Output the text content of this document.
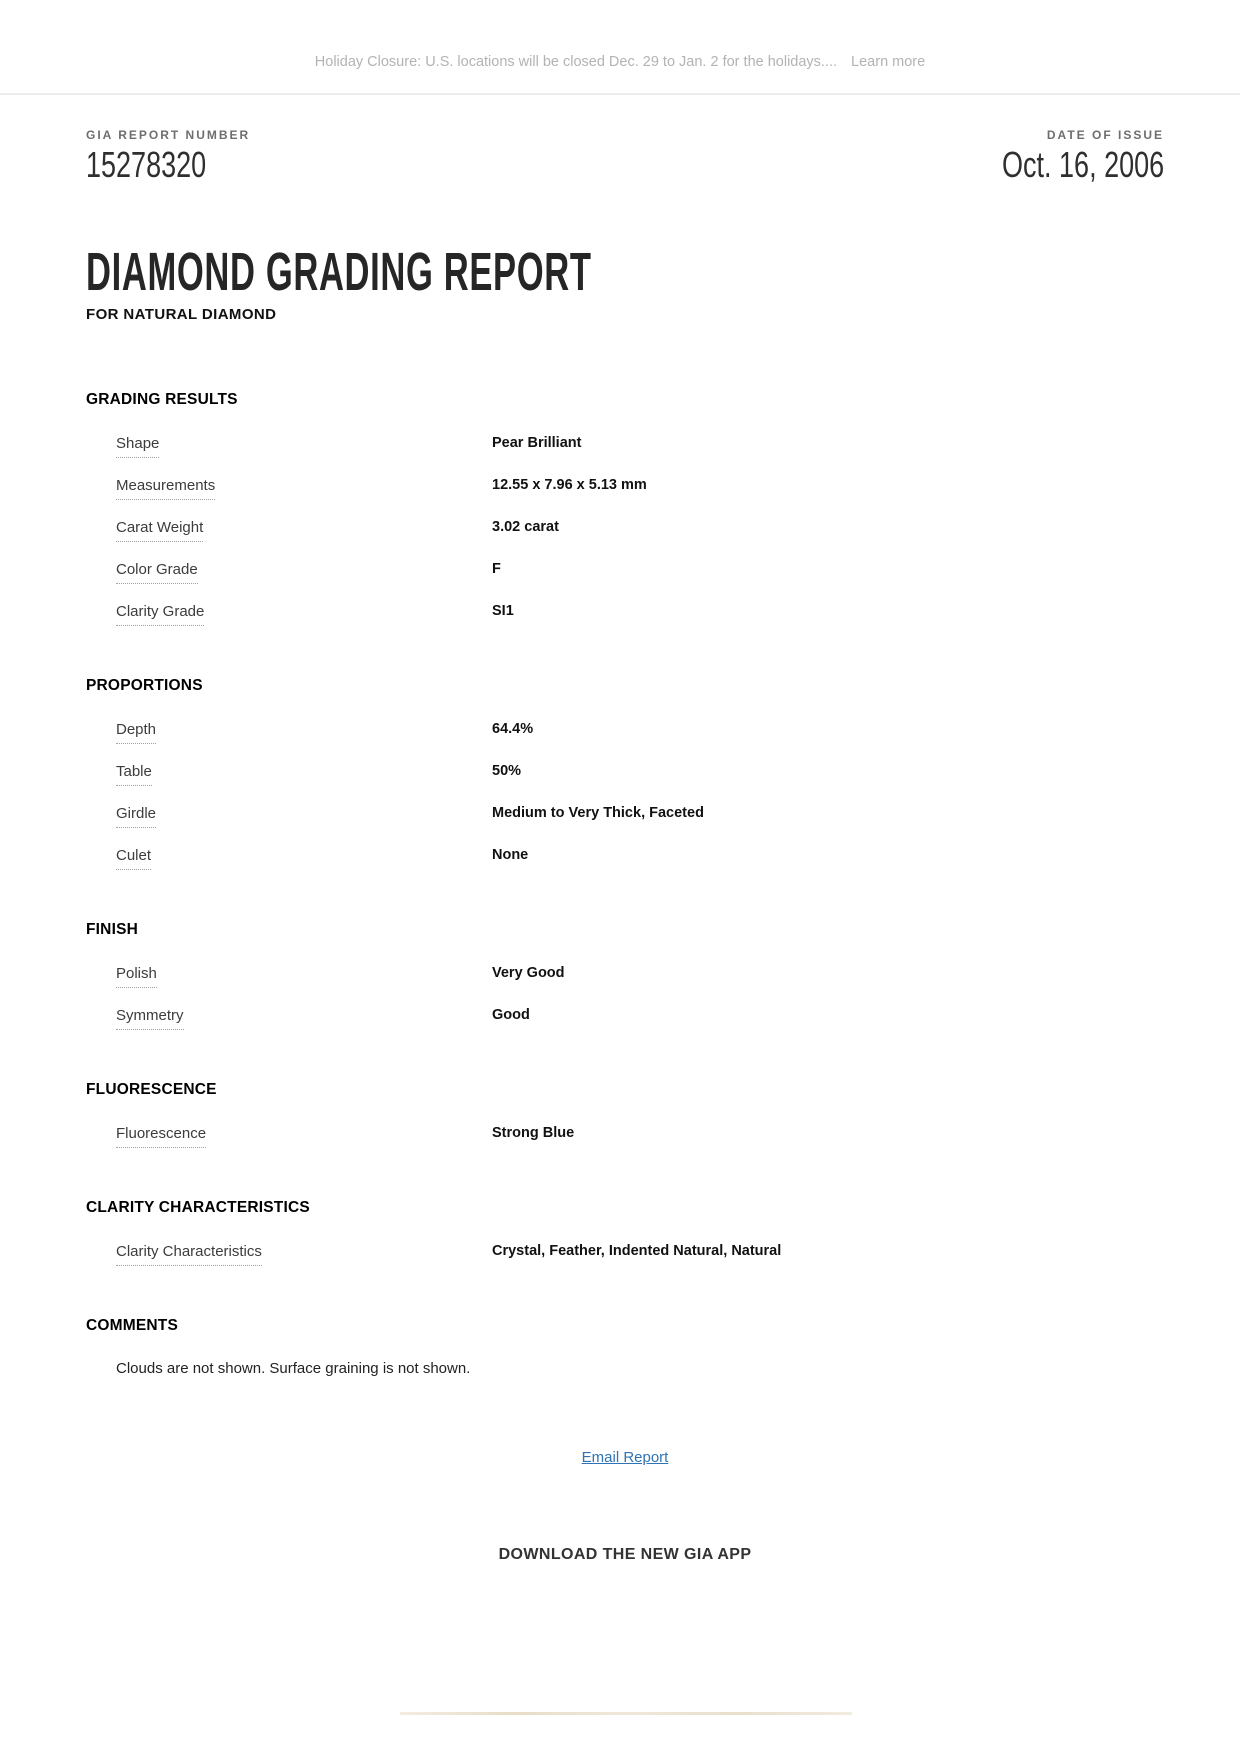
Holiday Closure: U.S. locations will be closed Dec. 29 to Jan. 2 for the holidays.... Learn more
GIA REPORT NUMBER
15278320
DATE OF ISSUE
Oct. 16, 2006
DIAMOND GRADING REPORT
FOR NATURAL DIAMOND
GRADING RESULTS
Shape	Pear Brilliant
Measurements	12.55 x 7.96 x 5.13 mm
Carat Weight	3.02 carat
Color Grade	F
Clarity Grade	SI1
PROPORTIONS
Depth	64.4%
Table	50%
Girdle	Medium to Very Thick, Faceted
Culet	None
FINISH
Polish	Very Good
Symmetry	Good
FLUORESCENCE
Fluorescence	Strong Blue
CLARITY CHARACTERISTICS
Clarity Characteristics	Crystal, Feather, Indented Natural, Natural
COMMENTS
Clouds are not shown. Surface graining is not shown.
Email Report
DOWNLOAD THE NEW GIA APP
